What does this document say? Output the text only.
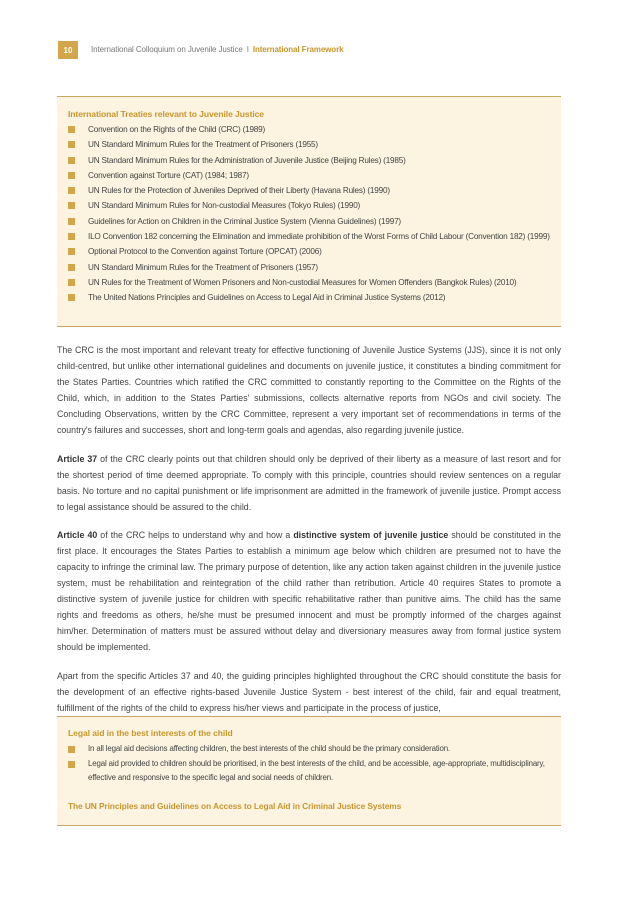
10	International Colloquium on Juvenile Justice I International Framework
International Treaties relevant to Juvenile Justice
Convention on the Rights of the Child (CRC) (1989)
UN Standard Minimum Rules for the Treatment of Prisoners (1955)
UN Standard Minimum Rules for the Administration of Juvenile Justice (Beijing Rules) (1985)
Convention against Torture (CAT) (1984; 1987)
UN Rules for the Protection of Juveniles Deprived of their Liberty (Havana Rules) (1990)
UN Standard Minimum Rules for Non-custodial Measures (Tokyo Rules) (1990)
Guidelines for Action on Children in the Criminal Justice System (Vienna Guidelines) (1997)
ILO Convention 182 concerning the Elimination and immediate prohibition of the Worst Forms of Child Labour (Convention 182) (1999)
Optional Protocol to the Convention against Torture (OPCAT) (2006)
UN Standard Minimum Rules for the Treatment of Prisoners (1957)
UN Rules for the Treatment of Women Prisoners and Non-custodial Measures for Women Offenders (Bangkok Rules) (2010)
The United Nations Principles and Guidelines on Access to Legal Aid in Criminal Justice Systems (2012)

The CRC is the most important and relevant treaty for effective functioning of Juvenile Justice Systems (JJS), since it is not only child-centred, but unlike other international guidelines and documents on juvenile justice, it constitutes a binding commitment for the States Parties. Countries which ratified the CRC committed to constantly reporting to the Committee on the Rights of the Child, which, in addition to the States Parties' submissions, collects alternative reports from NGOs and civil society. The Concluding Observations, written by the CRC Committee, represent a very important set of recommendations in terms of the country's failures and successes, short and long-term goals and agendas, also regarding juvenile justice.

Article 37 of the CRC clearly points out that children should only be deprived of their liberty as a measure of last resort and for the shortest period of time deemed appropriate. To comply with this principle, countries should review sentences on a regular basis. No torture and no capital punishment or life imprisonment are admitted in the framework of juvenile justice. Prompt access to legal assistance should be assured to the child.

Article 40 of the CRC helps to understand why and how a distinctive system of juvenile justice should be constituted in the first place. It encourages the States Parties to establish a minimum age below which children are presumed not to have the capacity to infringe the criminal law. The primary purpose of detention, like any action taken against children in the juvenile justice system, must be rehabilitation and reintegration of the child rather than retribution. Article 40 requires States to promote a distinctive system of juvenile justice for children with specific rehabilitative rather than punitive aims. The child has the same rights and freedoms as others, he/she must be presumed innocent and must be promptly informed of the charges against him/her. Determination of matters must be assured without delay and diversionary measures away from formal justice system should be implemented.

Apart from the specific Articles 37 and 40, the guiding principles highlighted throughout the CRC should constitute the basis for the development of an effective rights-based Juvenile Justice System - best interest of the child, fair and equal treatment, fulfillment of the rights of the child to express his/her views and participate in the process of justice,

Legal aid in the best interests of the child
In all legal aid decisions affecting children, the best interests of the child should be the primary consideration.
Legal aid provided to children should be prioritised, in the best interests of the child, and be accessible, age-appropriate, multidisciplinary, effective and responsive to the specific legal and social needs of children.
The UN Principles and Guidelines on Access to Legal Aid in Criminal Justice Systems
